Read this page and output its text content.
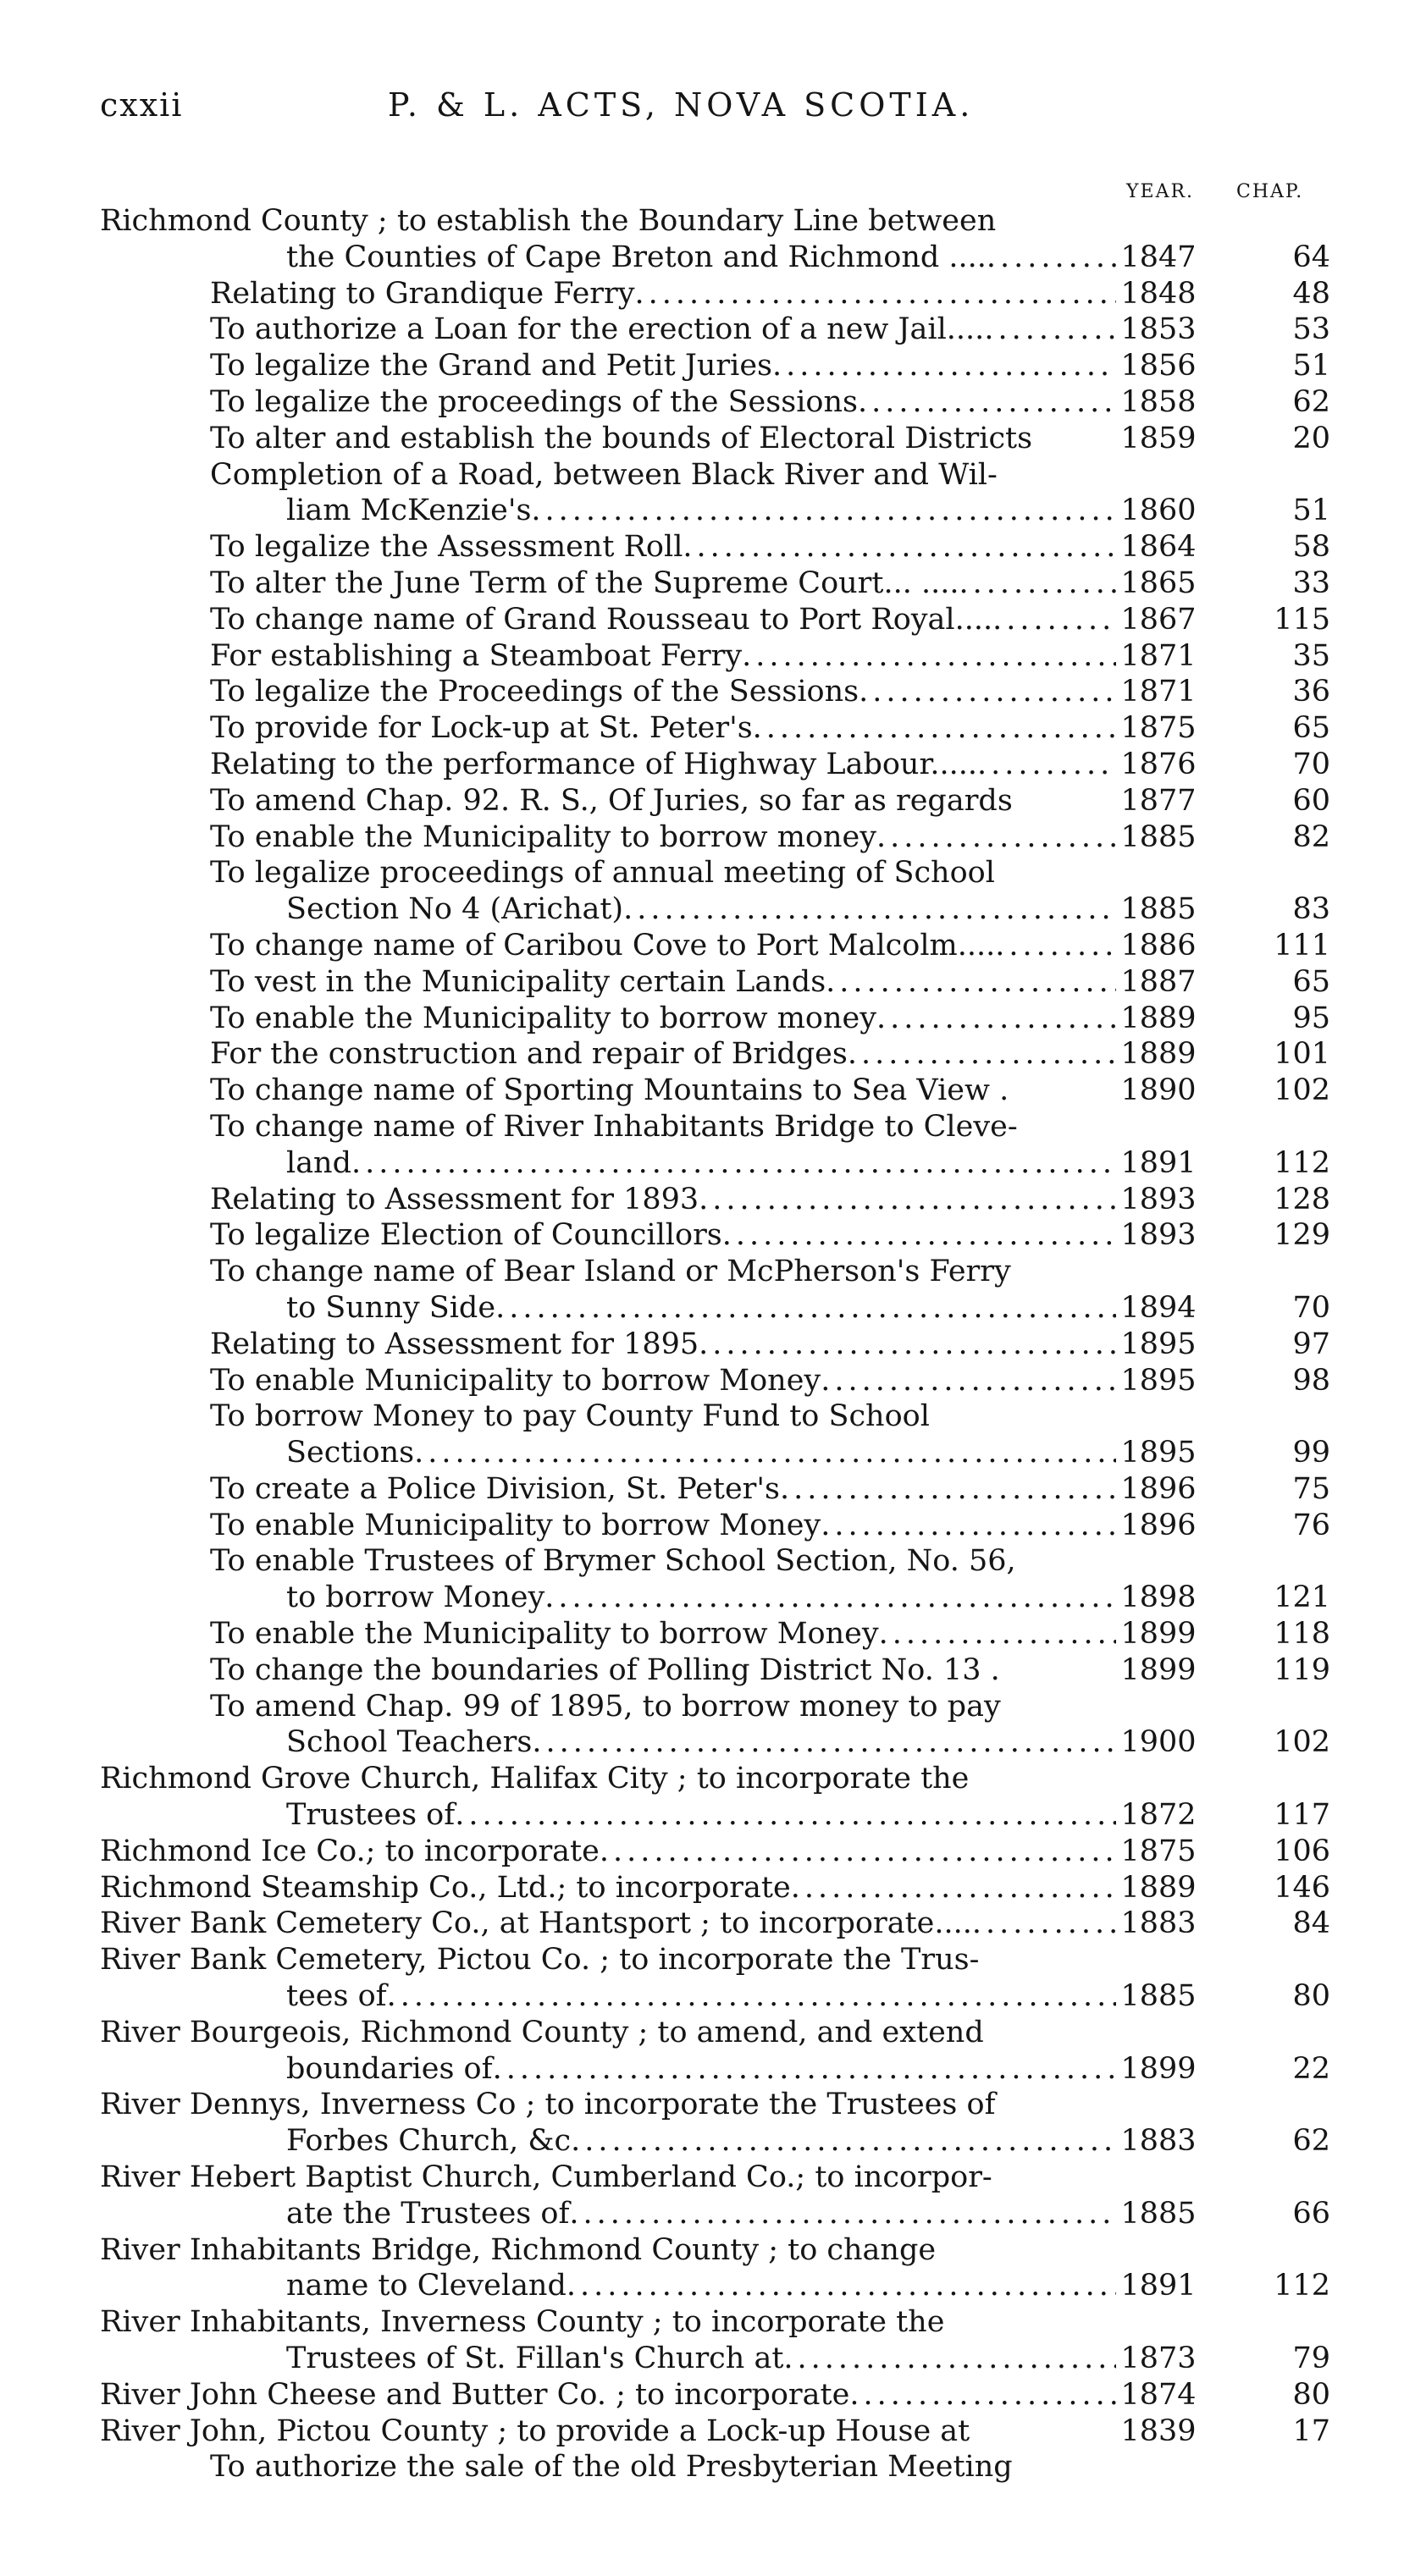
cxxii	P. & L. ACTS, NOVA SCOTIA.
YEAR. CHAP.
Richmond County ; to establish the Boundary Line between
the Counties of Cape Breton and Richmond .... .....	1847	64
Relating to Grandique Ferry .....	1848	48
To authorize a Loan for the erection of a new Jail.... .....	1853	53
To legalize the Grand and Petit Juries .....	1856	51
To legalize the proceedings of the Sessions .....	1858	62
To alter and establish the bounds of Electoral Districts	1859	20
Completion of a Road, between Black River and Wil-
liam McKenzie's .....	1860	51
To legalize the Assessment Roll .....	1864	58
To alter the June Term of the Supreme Court... .... .....	1865	33
To change name of Grand Rousseau to Port Royal.... .....	1867	115
For establishing a Steamboat Ferry .....	1871	35
To legalize the Proceedings of the Sessions .....	1871	36
To provide for Lock-up at St. Peter's .....	1875	65
Relating to the performance of Highway Labour..... .....	1876	70
To amend Chap. 92. R. S., Of Juries, so far as regards	1877	60
To enable the Municipality to borrow money .....	1885	82
To legalize proceedings of annual meeting of School
Section No 4 (Arichat) .....	1885	83
To change name of Caribou Cove to Port Malcolm.... .....	1886	111
To vest in the Municipality certain Lands .....	1887	65
To enable the Municipality to borrow money .....	1889	95
For the construction and repair of Bridges .....	1889	101
To change name of Sporting Mountains to Sea View .	1890	102
To change name of River Inhabitants Bridge to Cleve-
land .....	1891	112
Relating to Assessment for 1893 .....	1893	128
To legalize Election of Councillors .....	1893	129
To change name of Bear Island or McPherson's Ferry
to Sunny Side .....	1894	70
Relating to Assessment for 1895 .....	1895	97
To enable Municipality to borrow Money .....	1895	98
To borrow Money to pay County Fund to School
Sections .....	1895	99
To create a Police Division, St. Peter's .....	1896	75
To enable Municipality to borrow Money .....	1896	76
To enable Trustees of Brymer School Section, No. 56,
to borrow Money .....	1898	121
To enable the Municipality to borrow Money .....	1899	118
To change the boundaries of Polling District No. 13 .	1899	119
To amend Chap. 99 of 1895, to borrow money to pay
School Teachers .....	1900	102
Richmond Grove Church, Halifax City ; to incorporate the
Trustees of .....	1872	117
Richmond Ice Co.; to incorporate .....	1875	106
Richmond Steamship Co., Ltd.; to incorporate .....	1889	146
River Bank Cemetery Co., at Hantsport ; to incorporate.... .....	1883	84
River Bank Cemetery, Pictou Co. ; to incorporate the Trus-
tees of .....	1885	80
River Bourgeois, Richmond County ; to amend, and extend
boundaries of .....	1899	22
River Dennys, Inverness Co ; to incorporate the Trustees of
Forbes Church, &c .....	1883	62
River Hebert Baptist Church, Cumberland Co.; to incorpor-
ate the Trustees of .....	1885	66
River Inhabitants Bridge, Richmond County ; to change
name to Cleveland .....	1891	112
River Inhabitants, Inverness County ; to incorporate the
Trustees of St. Fillan's Church at .....	1873	79
River John Cheese and Butter Co. ; to incorporate .....	1874	80
River John, Pictou County ; to provide a Lock-up House at	1839	17
To authorize the sale of the old Presbyterian Meeting
